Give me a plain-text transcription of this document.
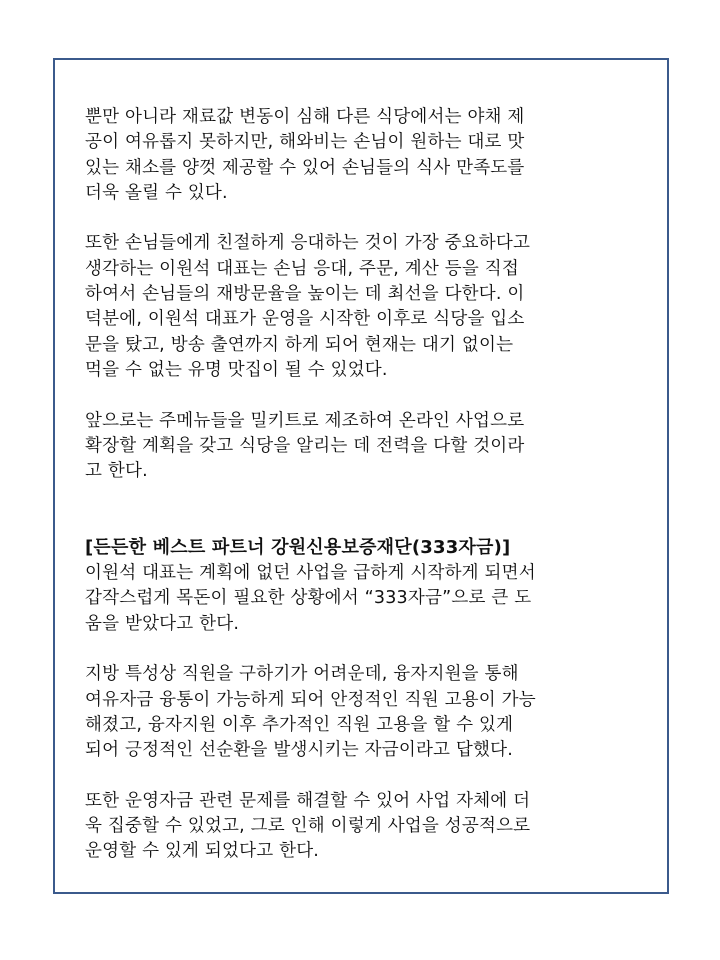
뿐만 아니라 재료값 변동이 심해 다른 식당에서는 야채 제
공이 여유롭지 못하지만, 해와비는 손님이 원하는 대로 맛
있는 채소를 양껏 제공할 수 있어 손님들의 식사 만족도를
더욱 올릴 수 있다.
또한 손님들에게 친절하게 응대하는 것이 가장 중요하다고
생각하는 이원석 대표는 손님 응대, 주문, 계산 등을 직접
하여서 손님들의 재방문율을 높이는 데 최선을 다한다. 이
덕분에, 이원석 대표가 운영을 시작한 이후로 식당을 입소
문을 탔고, 방송 출연까지 하게 되어 현재는 대기 없이는
먹을 수 없는 유명 맛집이 될 수 있었다.
앞으로는 주메뉴들을 밀키트로 제조하여 온라인 사업으로
확장할 계획을 갖고 식당을 알리는 데 전력을 다할 것이라
고 한다.
[든든한 베스트 파트너 강원신용보증재단(333자금)]
이원석 대표는 계획에 없던 사업을 급하게 시작하게 되면서
갑작스럽게 목돈이 필요한 상황에서 “333자금”으로 큰 도
움을 받았다고 한다.
지방 특성상 직원을 구하기가 어려운데, 융자지원을 통해
여유자금 융통이 가능하게 되어 안정적인 직원 고용이 가능
해졌고, 융자지원 이후 추가적인 직원 고용을 할 수 있게
되어 긍정적인 선순환을 발생시키는 자금이라고 답했다.
또한 운영자금 관련 문제를 해결할 수 있어 사업 자체에 더
욱 집중할 수 있었고, 그로 인해 이렇게 사업을 성공적으로
운영할 수 있게 되었다고 한다.
